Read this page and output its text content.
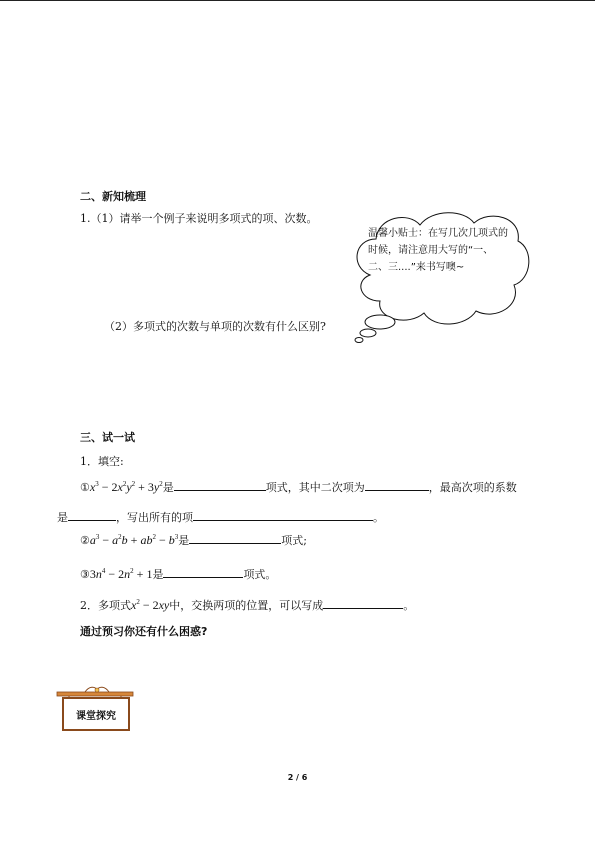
二、新知梳理
1.（1）请举一个例子来说明多项式的项、次数。
（2）多项式的次数与单项的次数有什么区别?
温馨小贴士：在写几次几项式的时候，请注意用大写的“一、二、三....”来书写噢~
三、试一试
1．填空:
$①x^3 - 2x^2y^2 + 3y^2$是	项式，其中二次项为	，最高次项的系数
是	，写出所有的项	。
$②a^3 - a^2b + ab^2 - b^3$是	项式;
$③3n^4 - 2n^2 + 1$是	项式。
2．多项式$x^2 - 2xy$中，交换两项的位置，可以写成	。
通过预习你还有什么困惑?
课堂探究
2 / 6
